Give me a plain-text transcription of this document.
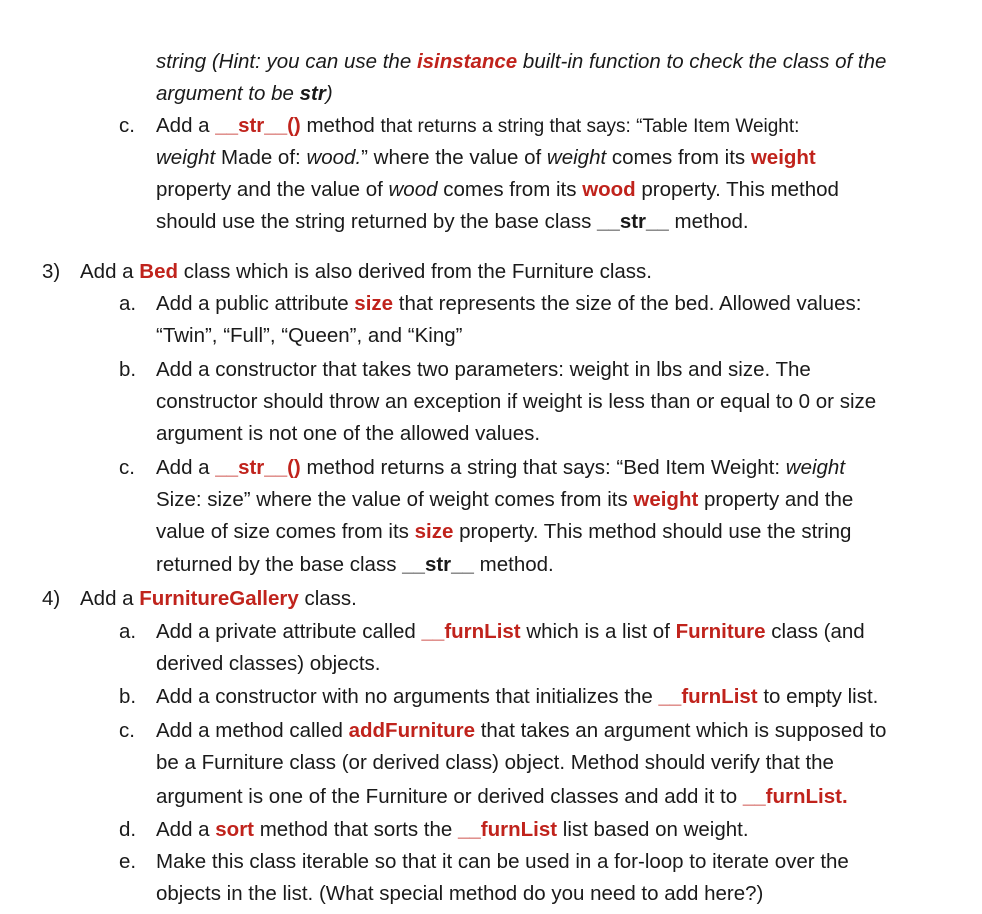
string (Hint: you can use the isinstance built-in function to check the class of the
argument to be str)
c. Add a __str__() method that returns a string that says: “Table Item Weight:
weight Made of: wood.” where the value of weight comes from its weight
property and the value of wood comes from its wood property. This method
should use the string returned by the base class __str__ method.
3) Add a Bed class which is also derived from the Furniture class.
a. Add a public attribute size that represents the size of the bed. Allowed values:
“Twin”, “Full”, “Queen”, and “King”
b. Add a constructor that takes two parameters: weight in lbs and size. The
constructor should throw an exception if weight is less than or equal to 0 or size
argument is not one of the allowed values.
c. Add a __str__() method returns a string that says: “Bed Item Weight: weight
Size: size” where the value of weight comes from its weight property and the
value of size comes from its size property. This method should use the string
returned by the base class __str__ method.
4) Add a FurnitureGallery class.
a. Add a private attribute called __furnList which is a list of Furniture class (and
derived classes) objects.
b. Add a constructor with no arguments that initializes the __furnList to empty list.
c. Add a method called addFurniture that takes an argument which is supposed to
be a Furniture class (or derived class) object. Method should verify that the
argument is one of the Furniture or derived classes and add it to __furnList.
d. Add a sort method that sorts the __furnList list based on weight.
e. Make this class iterable so that it can be used in a for-loop to iterate over the
objects in the list. (What special method do you need to add here?)
